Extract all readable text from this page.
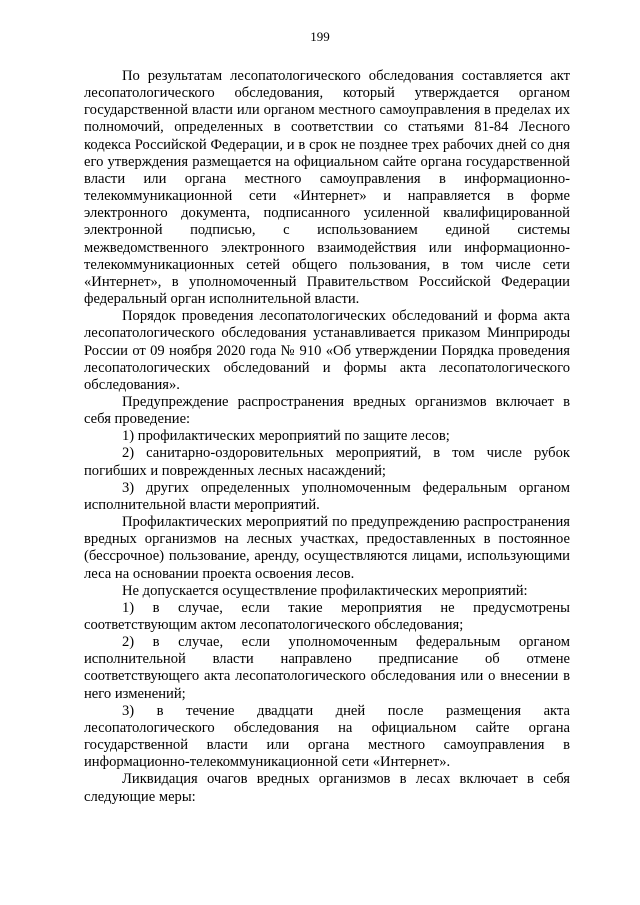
199

По результатам лесопатологического обследования составляется акт лесопатологического обследования, который утверждается органом государственной власти или органом местного самоуправления в пределах их полномочий, определенных в соответствии со статьями 81-84 Лесного кодекса Российской Федерации, и в срок не позднее трех рабочих дней со дня его утверждения размещается на официальном сайте органа государственной власти или органа местного самоуправления в информационно-телекоммуникационной сети «Интернет» и направляется в форме электронного документа, подписанного усиленной квалифицированной электронной подписью, с использованием единой системы межведомственного электронного взаимодействия или информационно-телекоммуникационных сетей общего пользования, в том числе сети «Интернет», в уполномоченный Правительством Российской Федерации федеральный орган исполнительной власти.

Порядок проведения лесопатологических обследований и форма акта лесопатологического обследования устанавливается приказом Минприроды России от 09 ноября 2020 года № 910 «Об утверждении Порядка проведения лесопатологических обследований и формы акта лесопатологического обследования».

Предупреждение распространения вредных организмов включает в себя проведение:

1) профилактических мероприятий по защите лесов;

2) санитарно-оздоровительных мероприятий, в том числе рубок погибших и поврежденных лесных насаждений;

3) других определенных уполномоченным федеральным органом исполнительной власти мероприятий.

Профилактических мероприятий по предупреждению распространения вредных организмов на лесных участках, предоставленных в постоянное (бессрочное) пользование, аренду, осуществляются лицами, использующими леса на основании проекта освоения лесов.

Не допускается осуществление профилактических мероприятий:

1) в случае, если такие мероприятия не предусмотрены соответствующим актом лесопатологического обследования;

2) в случае, если уполномоченным федеральным органом исполнительной власти направлено предписание об отмене соответствующего акта лесопатологического обследования или о внесении в него изменений;

3) в течение двадцати дней после размещения акта лесопатологического обследования на официальном сайте органа государственной власти или органа местного самоуправления в информационно-телекоммуникационной сети «Интернет».

Ликвидация очагов вредных организмов в лесах включает в себя следующие меры:
